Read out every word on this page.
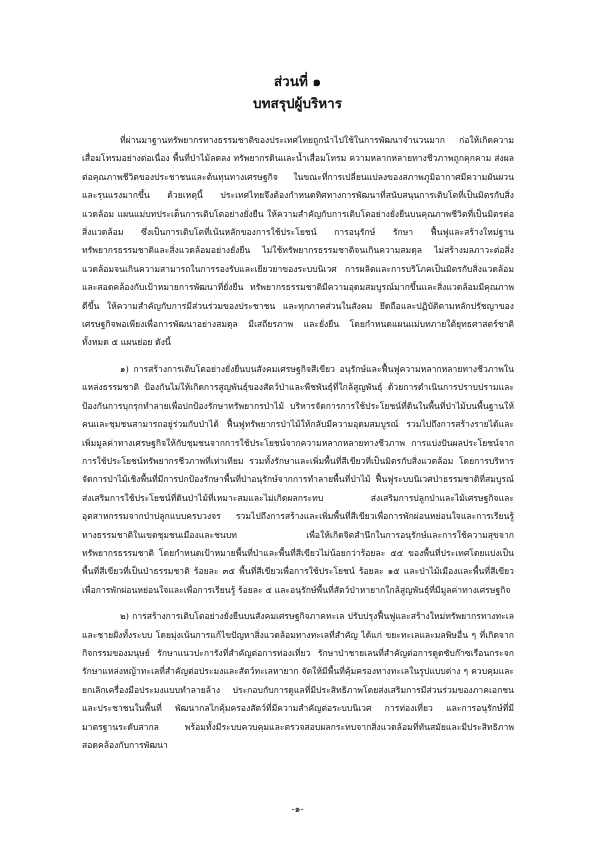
ส่วนที่ ๑
บทสรุปผู้บริหาร

ที่ผ่านมาฐานทรัพยากรทางธรรมชาติของประเทศไทยถูกนำไปใช้ในการพัฒนาจำนวนมาก ก่อให้เกิดความเสื่อมโทรมอย่างต่อเนื่อง พื้นที่ป่าไม้ลดลง ทรัพยากรดินและน้ำเสื่อมโทรม ความหลากหลายทางชีวภาพถูกคุกคาม ส่งผลต่อคุณภาพชีวิตของประชาชนและต้นทุนทางเศรษฐกิจ ในขณะที่การเปลี่ยนแปลงของสภาพภูมิอากาศมีความผันผวนและรุนแรงมากขึ้น ด้วยเหตุนี้ ประเทศไทยจึงต้องกำหนดทิศทางการพัฒนาที่สนับสนุนการเติบโตที่เป็นมิตรกับสิ่งแวดล้อม แผนแม่บทประเด็นการเติบโตอย่างยั่งยืน ให้ความสำคัญกับการเติบโตอย่างยั่งยืนบนคุณภาพชีวิตที่เป็นมิตรต่อสิ่งแวดล้อม ซึ่งเป็นการเติบโตที่เน้นหลักของการใช้ประโยชน์ การอนุรักษ์ รักษา ฟื้นฟูและสร้างใหม่ฐานทรัพยากรธรรมชาติและสิ่งแวดล้อมอย่างยั่งยืน ไม่ใช้ทรัพยากรธรรมชาติจนเกินความสมดุล ไม่สร้างมลภาวะต่อสิ่งแวดล้อมจนเกินความสามารถในการรองรับและเยียวยาของระบบนิเวศ การผลิตและการบริโภคเป็นมิตรกับสิ่งแวดล้อม และสอดคล้องกับเป้าหมายการพัฒนาที่ยั่งยืน ทรัพยากรธรรมชาติมีความอุดมสมบูรณ์มากขึ้นและสิ่งแวดล้อมมีคุณภาพดีขึ้น ให้ความสำคัญกับการมีส่วนร่วมของประชาชน และทุกภาคส่วนในสังคม ยึดถือและปฏิบัติตามหลักปรัชญาของเศรษฐกิจพอเพียงเพื่อการพัฒนาอย่างสมดุล มีเสถียรภาพ และยั่งยืน โดยกำหนดแผนแม่บทภายใต้ยุทธศาสตร์ชาติ ทั้งหมด ๕ แผนย่อย ดังนี้

๑) การสร้างการเติบโตอย่างยั่งยืนบนสังคมเศรษฐกิจสีเขียว อนุรักษ์และฟื้นฟูความหลากหลายทางชีวภาพในแหล่งธรรมชาติ ป้องกันไม่ให้เกิดการสูญพันธุ์ของสัตว์ป่าและพืชพันธุ์ที่ใกล้สูญพันธุ์ ด้วยการดำเนินการปราบปรามและป้องกันการบุกรุกทำลายเพื่อปกป้องรักษาทรัพยากรป่าไม้ บริหารจัดการการใช้ประโยชน์ที่ดินในพื้นที่ป่าไม้บนพื้นฐานให้คนและชุมชนสามารถอยู่ร่วมกับป่าได้ ฟื้นฟูทรัพยากรป่าไม้ให้กลับมีความอุดมสมบูรณ์ รวมไปถึงการสร้างรายได้และเพิ่มมูลค่าทางเศรษฐกิจให้กับชุมชนจากการใช้ประโยชน์จากความหลากหลายทางชีวภาพ การแบ่งปันผลประโยชน์จากการใช้ประโยชน์ทรัพยากรชีวภาพที่เท่าเทียม รวมทั้งรักษาและเพิ่มพื้นที่สีเขียวที่เป็นมิตรกับสิ่งแวดล้อม โดยการบริหารจัดการป่าไม้เชิงพื้นที่มีการปกป้องรักษาพื้นที่ป่าอนุรักษ์จากการทำลายพื้นที่ป่าไม้ ฟื้นฟูระบบนิเวศป่าธรรมชาติที่สมบูรณ์ ส่งเสริมการใช้ประโยชน์ที่ดินป่าไม้ที่เหมาะสมและไม่เกิดผลกระทบ ส่งเสริมการปลูกป่าและไม้เศรษฐกิจและอุตสาหกรรมจากป่าปลูกแบบครบวงจร รวมไปถึงการสร้างและเพิ่มพื้นที่สีเขียวเพื่อการพักผ่อนหย่อนใจและการเรียนรู้ทางธรรมชาติในเขตชุมชนเมืองและชนบท เพื่อให้เกิดจิตสำนึกในการอนุรักษ์และการใช้ความสุขจากทรัพยากรธรรมชาติ โดยกำหนดเป้าหมายพื้นที่ป่าและพื้นที่สีเขียวไม่น้อยกว่าร้อยละ ๕๕ ของพื้นที่ประเทศโดยแบ่งเป็นพื้นที่สีเขียวที่เป็นป่าธรรมชาติ ร้อยละ ๓๕ พื้นที่สีเขียวเพื่อการใช้ประโยชน์ ร้อยละ ๑๕ และป่าไม้เมืองและพื้นที่สีเขียวเพื่อการพักผ่อนหย่อนใจและเพื่อการเรียนรู้ ร้อยละ ๕ และอนุรักษ์พื้นที่สัตว์ป่าหายากใกล้สูญพันธุ์ที่มีมูลค่าทางเศรษฐกิจ

๒) การสร้างการเติบโตอย่างยั่งยืนบนสังคมเศรษฐกิจภาคทะเล ปรับปรุงฟื้นฟูและสร้างใหม่ทรัพยากรทางทะเลและชายฝั่งทั้งระบบ โดยมุ่งเน้นการแก้ไขปัญหาสิ่งแวดล้อมทางทะเลที่สำคัญ ได้แก่ ขยะทะเลและมลพิษอื่น ๆ ที่เกิดจากกิจกรรมของมนุษย์ รักษาแนวปะการังที่สำคัญต่อการท่องเที่ยว รักษาป่าชายเลนที่สำคัญต่อการดูดซับก๊าซเรือนกระจก รักษาแหล่งหญ้าทะเลที่สำคัญต่อประมงและสัตว์ทะเลหายาก จัดให้มีพื้นที่คุ้มครองทางทะเลในรูปแบบต่าง ๆ ควบคุมและยกเลิกเครื่องมือประมงแบบทำลายล้าง ประกอบกับการดูแลที่มีประสิทธิภาพโดยส่งเสริมการมีส่วนร่วมของภาคเอกชนและประชาชนในพื้นที่ พัฒนากลไกคุ้มครองสัตว์ที่มีความสำคัญต่อระบบนิเวศ การท่องเที่ยว และการอนุรักษ์ที่มีมาตรฐานระดับสากล พร้อมทั้งมีระบบควบคุมและตรวจสอบผลกระทบจากสิ่งแวดล้อมที่ทันสมัยและมีประสิทธิภาพ สอดคล้องกับการพัฒนา

-๑-
